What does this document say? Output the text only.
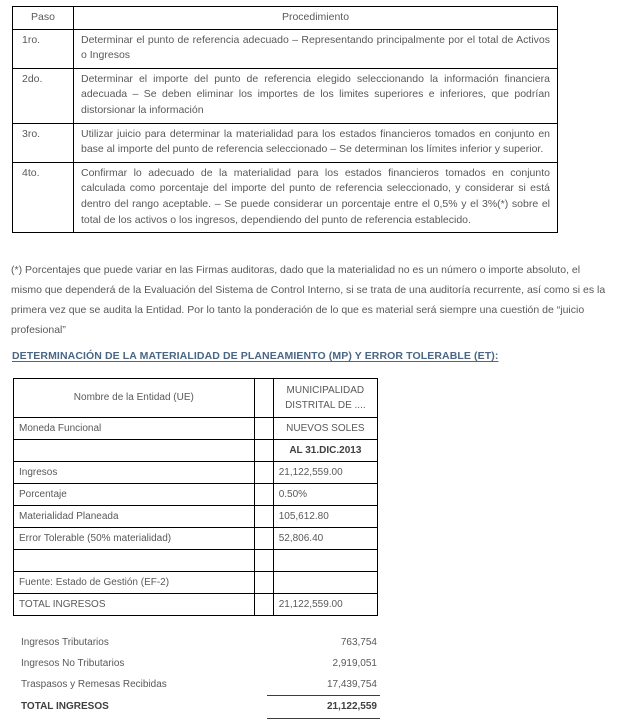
Paso	Procedimiento
1ro.	Determinar el punto de referencia adecuado – Representando principalmente por el total de Activos o Ingresos
2do.	Determinar el importe del punto de referencia elegido seleccionando la información financiera adecuada – Se deben eliminar los importes de los limites superiores e inferiores, que podrían distorsionar la información
3ro.	Utilizar juicio para determinar la materialidad para los estados financieros tomados en conjunto en base al importe del punto de referencia seleccionado – Se determinan los límites inferior y superior.
4to.	Confirmar lo adecuado de la materialidad para los estados financieros tomados en conjunto calculada como porcentaje del importe del punto de referencia seleccionado, y considerar si está dentro del rango aceptable. – Se puede considerar un porcentaje entre el 0,5% y el 3%(*) sobre el total de los activos o los ingresos, dependiendo del punto de referencia establecido.
(*) Porcentajes que puede variar en las Firmas auditoras, dado que la materialidad no es un número o importe absoluto, el mismo que dependerá de la Evaluación del Sistema de Control Interno, si se trata de una auditoría recurrente, así como si es la primera vez que se audita la Entidad. Por lo tanto la ponderación de lo que es material será siempre una cuestión de “juicio profesional”
DETERMINACIÓN DE LA MATERIALIDAD DE PLANEAMIENTO (MP) Y ERROR TOLERABLE (ET):
Nombre de la Entidad (UE)		MUNICIPALIDAD
DISTRITAL DE ....
Moneda Funcional		NUEVOS SOLES
		AL 31.DIC.2013
Ingresos		21,122,559.00
Porcentaje		0.50%
Materialidad Planeada		105,612.80
Error Tolerable (50% materialidad)		52,806.40

Fuente: Estado de Gestión (EF-2)		
TOTAL INGRESOS		21,122,559.00
Ingresos Tributarios	763,754
Ingresos No Tributarios	2,919,051
Traspasos y Remesas Recibidas	17,439,754
TOTAL INGRESOS	21,122,559
